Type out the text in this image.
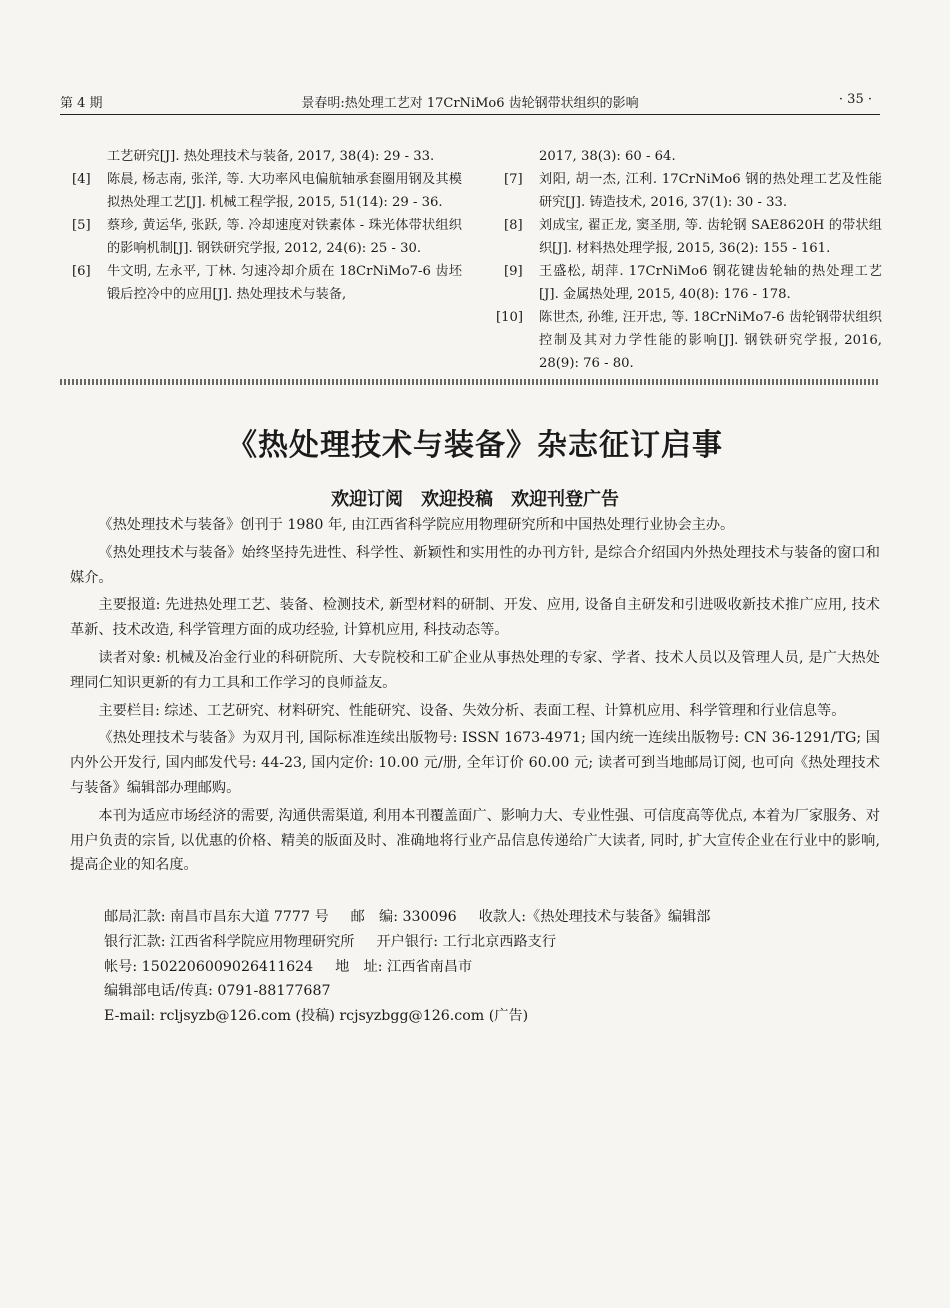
第 4 期	景春明:热处理工艺对 17CrNiMo6 齿轮钢带状组织的影响	· 35 ·
工艺研究[J]. 热处理技术与装备, 2017, 38(4): 29 - 33.
[4] 陈晨, 杨志南, 张洋, 等. 大功率风电偏航轴承套圈用钢及其模拟热处理工艺[J]. 机械工程学报, 2015, 51(14): 29 - 36.
[5] 蔡珍, 黄运华, 张跃, 等. 冷却速度对铁素体 - 珠光体带状组织的影响机制[J]. 钢铁研究学报, 2012, 24(6): 25 - 30.
[6] 牛文明, 左永平, 丁林. 匀速冷却介质在 18CrNiMo7-6 齿坯锻后控冷中的应用[J]. 热处理技术与装备,
2017, 38(3): 60 - 64.
[7] 刘阳, 胡一杰, 江利. 17CrNiMo6 钢的热处理工艺及性能研究[J]. 铸造技术, 2016, 37(1): 30 - 33.
[8] 刘成宝, 翟正龙, 窦圣朋, 等. 齿轮钢 SAE8620H 的带状组织[J]. 材料热处理学报, 2015, 36(2): 155 - 161.
[9] 王盛松, 胡萍. 17CrNiMo6 钢花键齿轮轴的热处理工艺[J]. 金属热处理, 2015, 40(8): 176 - 178.
[10] 陈世杰, 孙维, 汪开忠, 等. 18CrNiMo7-6 齿轮钢带状组织控制及其对力学性能的影响[J]. 钢铁研究学报, 2016, 28(9): 76 - 80.
《热处理技术与装备》杂志征订启事
欢迎订阅　欢迎投稿　欢迎刊登广告

《热处理技术与装备》创刊于 1980 年, 由江西省科学院应用物理研究所和中国热处理行业协会主办。

《热处理技术与装备》始终坚持先进性、科学性、新颖性和实用性的办刊方针, 是综合介绍国内外热处理技术与装备的窗口和媒介。

主要报道: 先进热处理工艺、装备、检测技术, 新型材料的研制、开发、应用, 设备自主研发和引进吸收新技术推广应用, 技术革新、技术改造, 科学管理方面的成功经验, 计算机应用, 科技动态等。

读者对象: 机械及冶金行业的科研院所、大专院校和工矿企业从事热处理的专家、学者、技术人员以及管理人员, 是广大热处理同仁知识更新的有力工具和工作学习的良师益友。

主要栏目: 综述、工艺研究、材料研究、性能研究、设备、失效分析、表面工程、计算机应用、科学管理和行业信息等。

《热处理技术与装备》为双月刊, 国际标准连续出版物号: ISSN 1673-4971; 国内统一连续出版物号: CN 36-1291/TG; 国内外公开发行, 国内邮发代号: 44-23, 国内定价: 10.00 元/册, 全年订价 60.00 元; 读者可到当地邮局订阅, 也可向《热处理技术与装备》编辑部办理邮购。

本刊为适应市场经济的需要, 沟通供需渠道, 利用本刊覆盖面广、影响力大、专业性强、可信度高等优点, 本着为厂家服务、对用户负责的宗旨, 以优惠的价格、精美的版面及时、准确地将行业产品信息传递给广大读者, 同时, 扩大宣传企业在行业中的影响, 提高企业的知名度。

邮局汇款: 南昌市昌东大道 7777 号 邮　编: 330096 收款人:《热处理技术与装备》编辑部
银行汇款: 江西省科学院应用物理研究所 开户银行: 工行北京西路支行
帐号: 1502206009026411624 地　址: 江西省南昌市
编辑部电话/传真: 0791-88177687
E-mail: rcljsyzb@126.com (投稿) rcjsyzbgg@126.com (广告)
